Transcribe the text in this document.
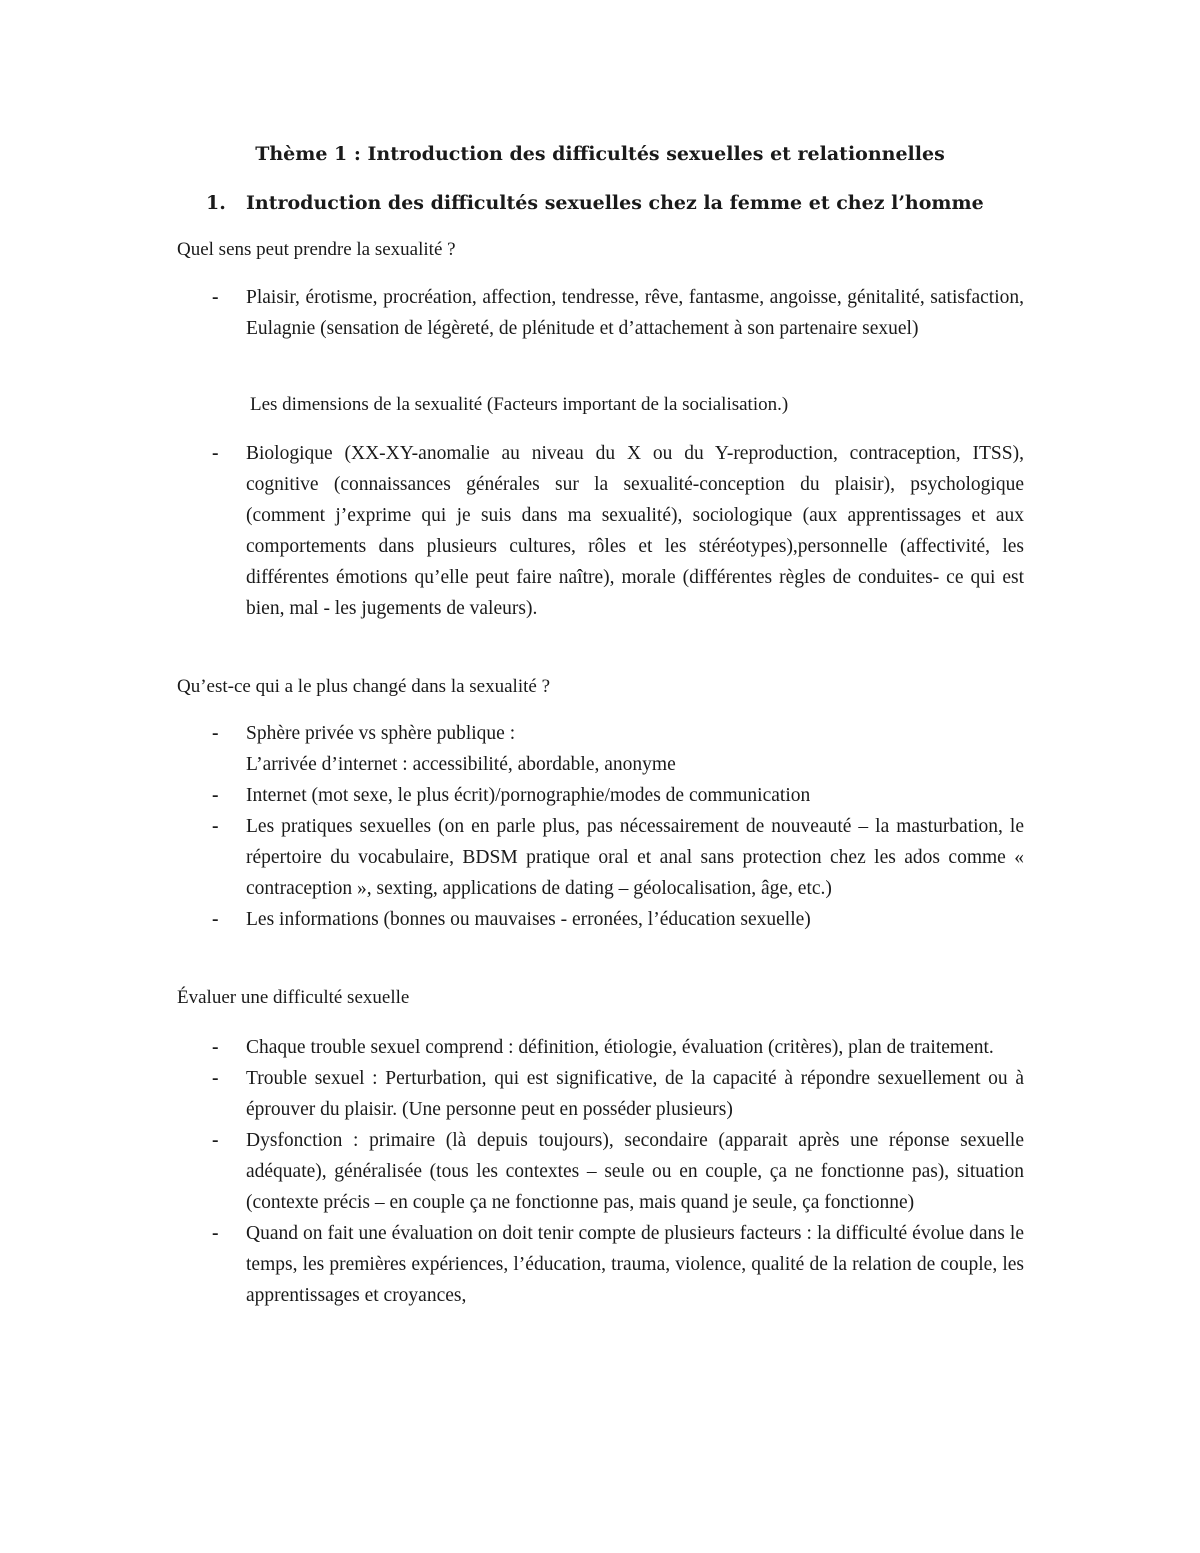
Thème 1 : Introduction des difficultés sexuelles et relationnelles
1. Introduction des difficultés sexuelles chez la femme et chez l’homme

Quel sens peut prendre la sexualité ?

- Plaisir, érotisme, procréation, affection, tendresse, rêve, fantasme, angoisse, génitalité, satisfaction, Eulagnie (sensation de légèreté, de plénitude et d’attachement à son partenaire sexuel)

Les dimensions de la sexualité (Facteurs important de la socialisation.)

- Biologique (XX-XY-anomalie au niveau du X ou du Y-reproduction, contraception, ITSS), cognitive (connaissances générales sur la sexualité-conception du plaisir), psychologique (comment j’exprime qui je suis dans ma sexualité), sociologique (aux apprentissages et aux comportements dans plusieurs cultures, rôles et les stéréotypes),personnelle (affectivité, les différentes émotions qu’elle peut faire naître), morale (différentes règles de conduites- ce qui est bien, mal - les jugements de valeurs).

Qu’est-ce qui a le plus changé dans la sexualité ?

- Sphère privée vs sphère publique :
L’arrivée d’internet : accessibilité, abordable, anonyme
- Internet (mot sexe, le plus écrit)/pornographie/modes de communication
- Les pratiques sexuelles (on en parle plus, pas nécessairement de nouveauté – la masturbation, le répertoire du vocabulaire, BDSM pratique oral et anal sans protection chez les ados comme « contraception », sexting, applications de dating – géolocalisation, âge, etc.)
- Les informations (bonnes ou mauvaises - erronées, l’éducation sexuelle)

Évaluer une difficulté sexuelle

- Chaque trouble sexuel comprend : définition, étiologie, évaluation (critères), plan de traitement.
- Trouble sexuel : Perturbation, qui est significative, de la capacité à répondre sexuellement ou à éprouver du plaisir. (Une personne peut en posséder plusieurs)
- Dysfonction : primaire (là depuis toujours), secondaire (apparait après une réponse sexuelle adéquate), généralisée (tous les contextes – seule ou en couple, ça ne fonctionne pas), situation (contexte précis – en couple ça ne fonctionne pas, mais quand je seule, ça fonctionne)
- Quand on fait une évaluation on doit tenir compte de plusieurs facteurs : la difficulté évolue dans le temps, les premières expériences, l’éducation, trauma, violence, qualité de la relation de couple, les apprentissages et croyances,
